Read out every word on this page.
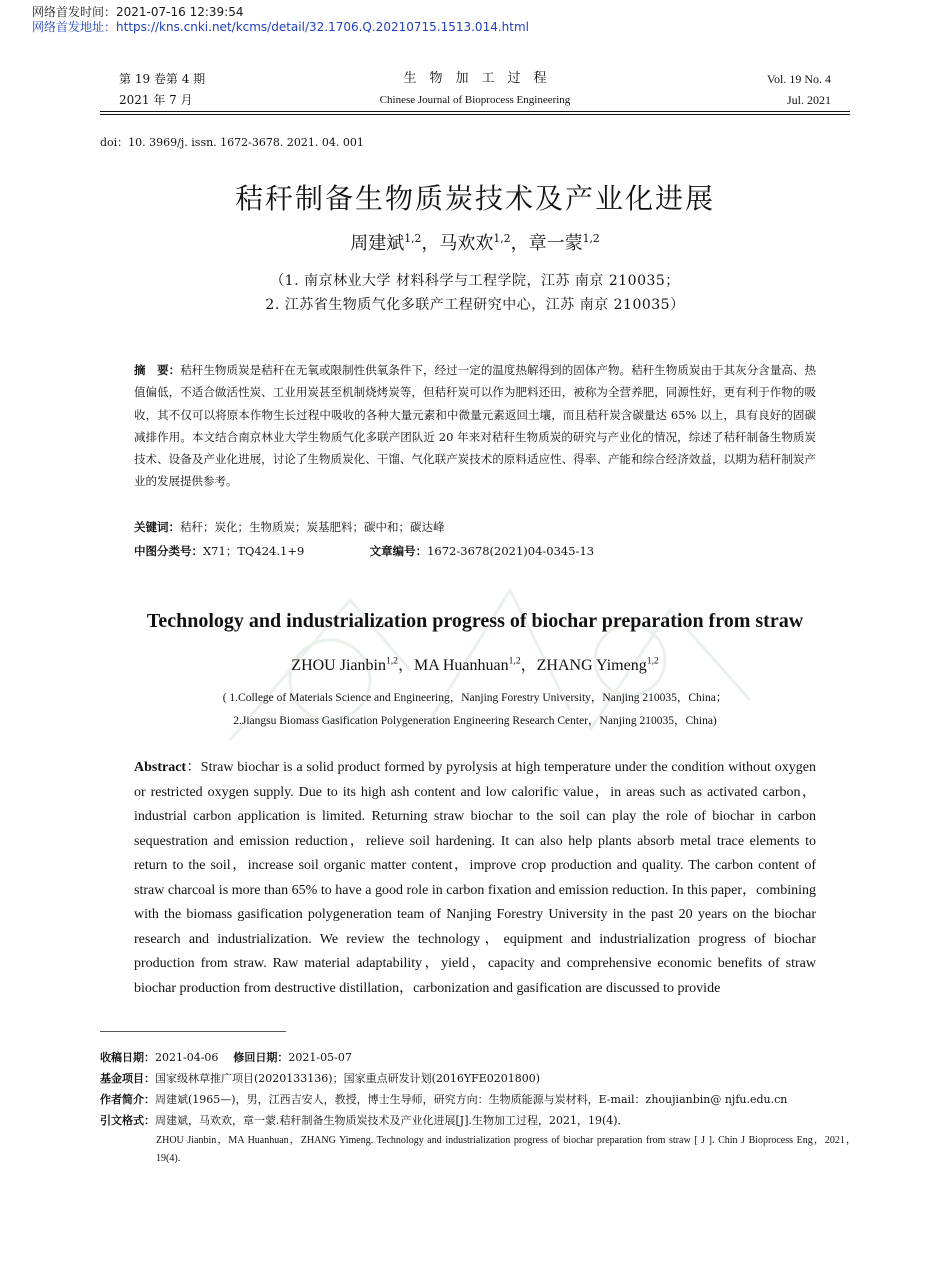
网络首发时间：2021-07-16 12:39:54
网络首发地址：https://kns.cnki.net/kcms/detail/32.1706.Q.20210715.1513.014.html
第 19 卷第 4 期
2021 年 7 月
生　物　加　工　过　程
Chinese Journal of Bioprocess Engineering
Vol. 19 No. 4
Jul. 2021
doi：10. 3969/j. issn. 1672-3678. 2021. 04. 001
秸秆制备生物质炭技术及产业化进展
周建斌$^{1,2}$，马欢欢$^{1,2}$，章一蒙$^{1,2}$
（1. 南京林业大学 材料科学与工程学院，江苏 南京 210035；
2. 江苏省生物质气化多联产工程研究中心，江苏 南京 210035）
摘　要：秸秆生物质炭是秸秆在无氧或限制性供氧条件下，经过一定的温度热解得到的固体产物。秸秆生物质炭由于其灰分含量高、热值偏低，不适合做活性炭、工业用炭甚至机制烧烤炭等，但秸秆炭可以作为肥料还田，被称为全营养肥，同源性好，更有利于作物的吸收，其不仅可以将原本作物生长过程中吸收的各种大量元素和中微量元素返回土壤，而且秸秆炭含碳量达 65% 以上，具有良好的固碳减排作用。本文结合南京林业大学生物质气化多联产团队近 20 年来对秸秆生物质炭的研究与产业化的情况，综述了秸秆制备生物质炭技术、设备及产业化进展，讨论了生物质炭化、干馏、气化联产炭技术的原料适应性、得率、产能和综合经济效益，以期为秸秆制炭产业的发展提供参考。
关键词：秸秆；炭化；生物质炭；炭基肥料；碳中和；碳达峰
中图分类号：X71；TQ424.1+9	文章编号：1672-3678(2021)04-0345-13
Technology and industrialization progress of biochar preparation from straw
ZHOU Jianbin$^{1,2}$，MA Huanhuan$^{1,2}$，ZHANG Yimeng$^{1,2}$
( 1.College of Materials Science and Engineering，Nanjing Forestry University，Nanjing 210035，China；
2.Jiangsu Biomass Gasification Polygeneration Engineering Research Center，Nanjing 210035，China)
Abstract：Straw biochar is a solid product formed by pyrolysis at high temperature under the condition without oxygen or restricted oxygen supply. Due to its high ash content and low calorific value，in areas such as activated carbon，industrial carbon application is limited. Returning straw biochar to the soil can play the role of biochar in carbon sequestration and emission reduction，relieve soil hardening. It can also help plants absorb metal trace elements to return to the soil，increase soil organic matter content，improve crop production and quality. The carbon content of straw charcoal is more than 65% to have a good role in carbon fixation and emission reduction. In this paper，combining with the biomass gasification polygeneration team of Nanjing Forestry University in the past 20 years on the biochar research and industrialization. We review the technology，equipment and industrialization progress of biochar production from straw. Raw material adaptability，yield，capacity and comprehensive economic benefits of straw biochar production from destructive distillation，carbonization and gasification are discussed to provide
收稿日期：2021-04-06 修回日期：2021-05-07
基金项目：国家级林草推广项目(2020133136)；国家重点研发计划(2016YFE0201800)
作者简介：周建斌(1965—)，男，江西吉安人，教授，博士生导师，研究方向：生物质能源与炭材料，E-mail：zhoujianbin@ njfu.edu.cn
引文格式：周建斌，马欢欢，章一蒙.秸秆制备生物质炭技术及产业化进展[J].生物加工过程，2021，19(4)．
ZHOU Jianbin，MA Huanhuan，ZHANG Yimeng. Technology and industrialization progress of biochar preparation from straw [ J ]. Chin J Bioprocess Eng，2021，19(4)．
